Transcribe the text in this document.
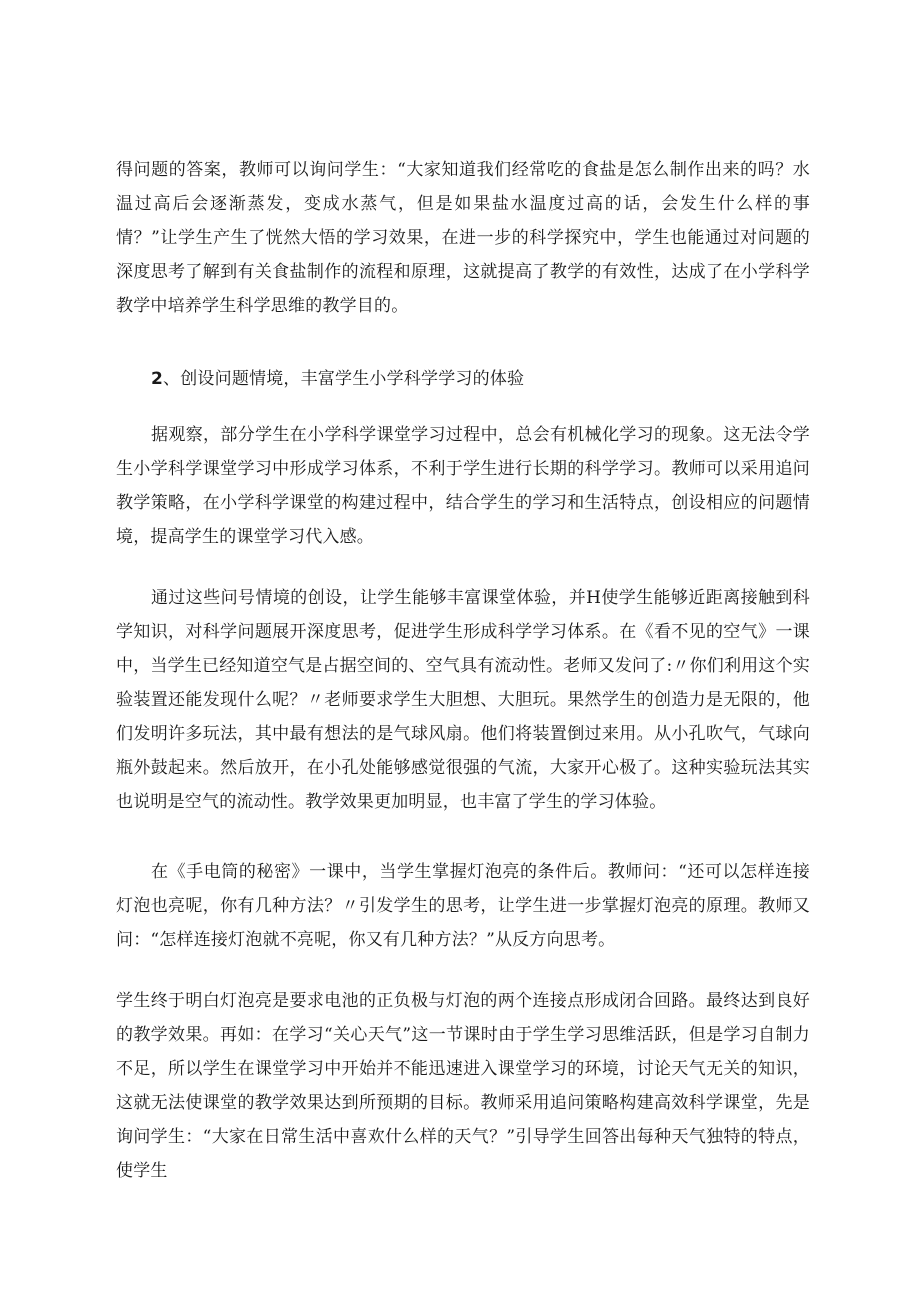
得问题的答案，教师可以询问学生：“大家知道我们经常吃的食盐是怎么制作出来的吗？水温过高后会逐渐蒸发，变成水蒸气，但是如果盐水温度过高的话，会发生什么样的事情？”让学生产生了恍然大悟的学习效果，在进一步的科学探究中，学生也能通过对问题的深度思考了解到有关食盐制作的流程和原理，这就提高了教学的有效性，达成了在小学科学教学中培养学生科学思维的教学目的。

2、创设问题情境，丰富学生小学科学学习的体验

据观察，部分学生在小学科学课堂学习过程中，总会有机械化学习的现象。这无法令学生小学科学课堂学习中形成学习体系，不利于学生进行长期的科学学习。教师可以采用追问教学策略，在小学科学课堂的构建过程中，结合学生的学习和生活特点，创设相应的问题情境，提高学生的课堂学习代入感。

通过这些问号情境的创设，让学生能够丰富课堂体验，并H使学生能够近距离接触到科学知识，对科学问题展开深度思考，促进学生形成科学学习体系。在《看不见的空气》一课中，当学生已经知道空气是占据空间的、空气具有流动性。老师又发问了:〃你们利用这个实验装置还能发现什么呢？〃老师要求学生大胆想、大胆玩。果然学生的创造力是无限的，他们发明许多玩法，其中最有想法的是气球风扇。他们将装置倒过来用。从小孔吹气，气球向瓶外鼓起来。然后放开，在小孔处能够感觉很强的气流，大家开心极了。这种实验玩法其实也说明是空气的流动性。教学效果更加明显，也丰富了学生的学习体验。

在《手电筒的秘密》一课中，当学生掌握灯泡亮的条件后。教师问：“还可以怎样连接灯泡也亮呢，你有几种方法？〃引发学生的思考，让学生进一步掌握灯泡亮的原理。教师又问：“怎样连接灯泡就不亮呢，你又有几种方法？”从反方向思考。

学生终于明白灯泡亮是要求电池的正负极与灯泡的两个连接点形成闭合回路。最终达到良好的教学效果。再如：在学习“关心天气”这一节课时由于学生学习思维活跃，但是学习自制力不足，所以学生在课堂学习中开始并不能迅速进入课堂学习的环境，讨论天气无关的知识，这就无法使课堂的教学效果达到所预期的目标。教师采用追问策略构建高效科学课堂，先是询问学生：“大家在日常生活中喜欢什么样的天气？”引导学生回答出每种天气独特的特点，使学生
